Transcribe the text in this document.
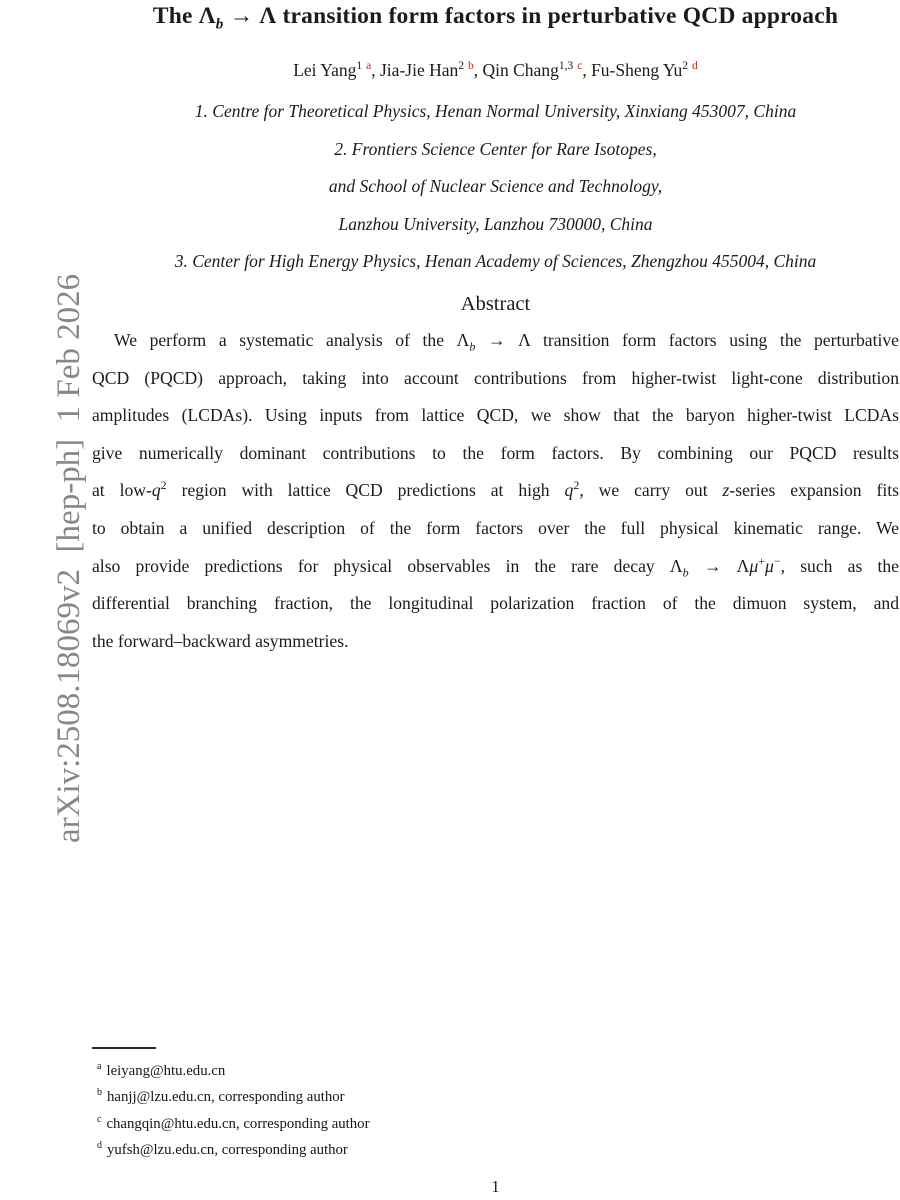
arXiv:2508.18069v2  [hep-ph]  1 Feb 2026

The $\Lambda_b \to \Lambda$ transition form factors in perturbative QCD approach
Lei Yang$^1$ $^a$, Jia-Jie Han$^2$ $^b$, Qin Chang$^{1,3}$ $^c$, Fu-Sheng Yu$^2$ $^d$
1. Centre for Theoretical Physics, Henan Normal University, Xinxiang 453007, China
2. Frontiers Science Center for Rare Isotopes,
and School of Nuclear Science and Technology,
Lanzhou University, Lanzhou 730000, China
3. Center for High Energy Physics, Henan Academy of Sciences, Zhengzhou 455004, China
Abstract
We perform a systematic analysis of the $\Lambda_b \to \Lambda$ transition form factors using the perturbative
QCD (PQCD) approach, taking into account contributions from higher-twist light-cone distribution
amplitudes (LCDAs). Using inputs from lattice QCD, we show that the baryon higher-twist LCDAs
give numerically dominant contributions to the form factors. By combining our PQCD results
at low-$q^2$ region with lattice QCD predictions at high $q^2$, we carry out z-series expansion fits
to obtain a unified description of the form factors over the full physical kinematic range. We
also provide predictions for physical observables in the rare decay $\Lambda_b \to \Lambda\mu^+\mu^-$, such as the
differential branching fraction, the longitudinal polarization fraction of the dimuon system, and
the forward–backward asymmetries.
$^a$ leiyang@htu.edu.cn
$^b$ hanjj@lzu.edu.cn, corresponding author
$^c$ changqin@htu.edu.cn, corresponding author
$^d$ yufsh@lzu.edu.cn, corresponding author
1
